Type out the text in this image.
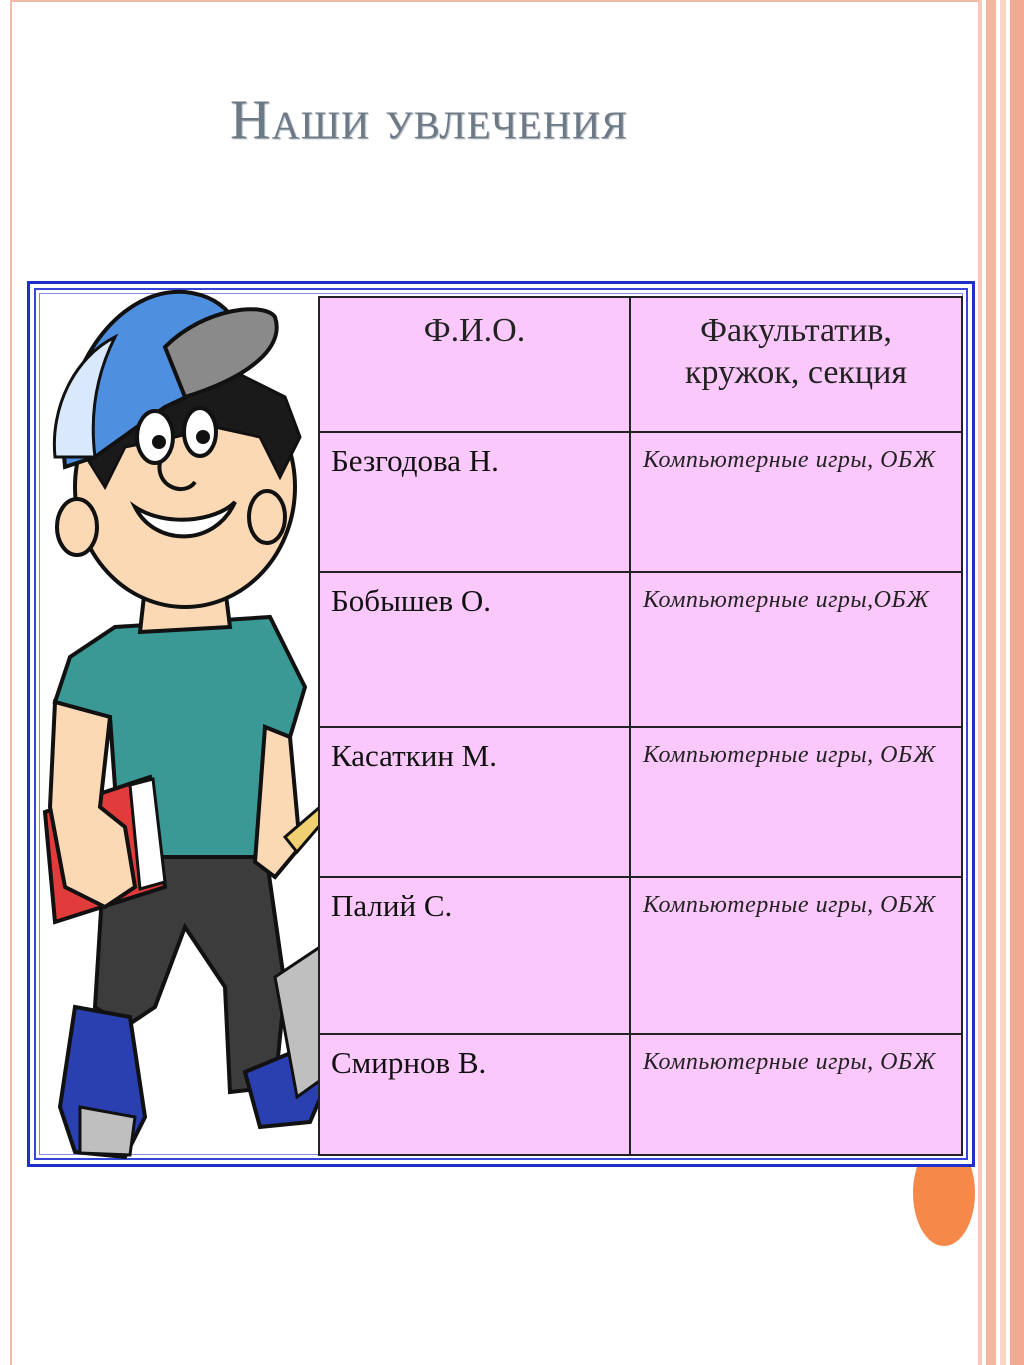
Наши увлечения
Ф.И.О.	Факультатив,
кружок, секция

Безгодова Н.	Компьютерные игры, ОБЖ
Бобышев О.	Компьютерные игры,ОБЖ
Касаткин М.	Компьютерные игры, ОБЖ
Палий С.	Компьютерные игры, ОБЖ
Смирнов В.	Компьютерные игры, ОБЖ
